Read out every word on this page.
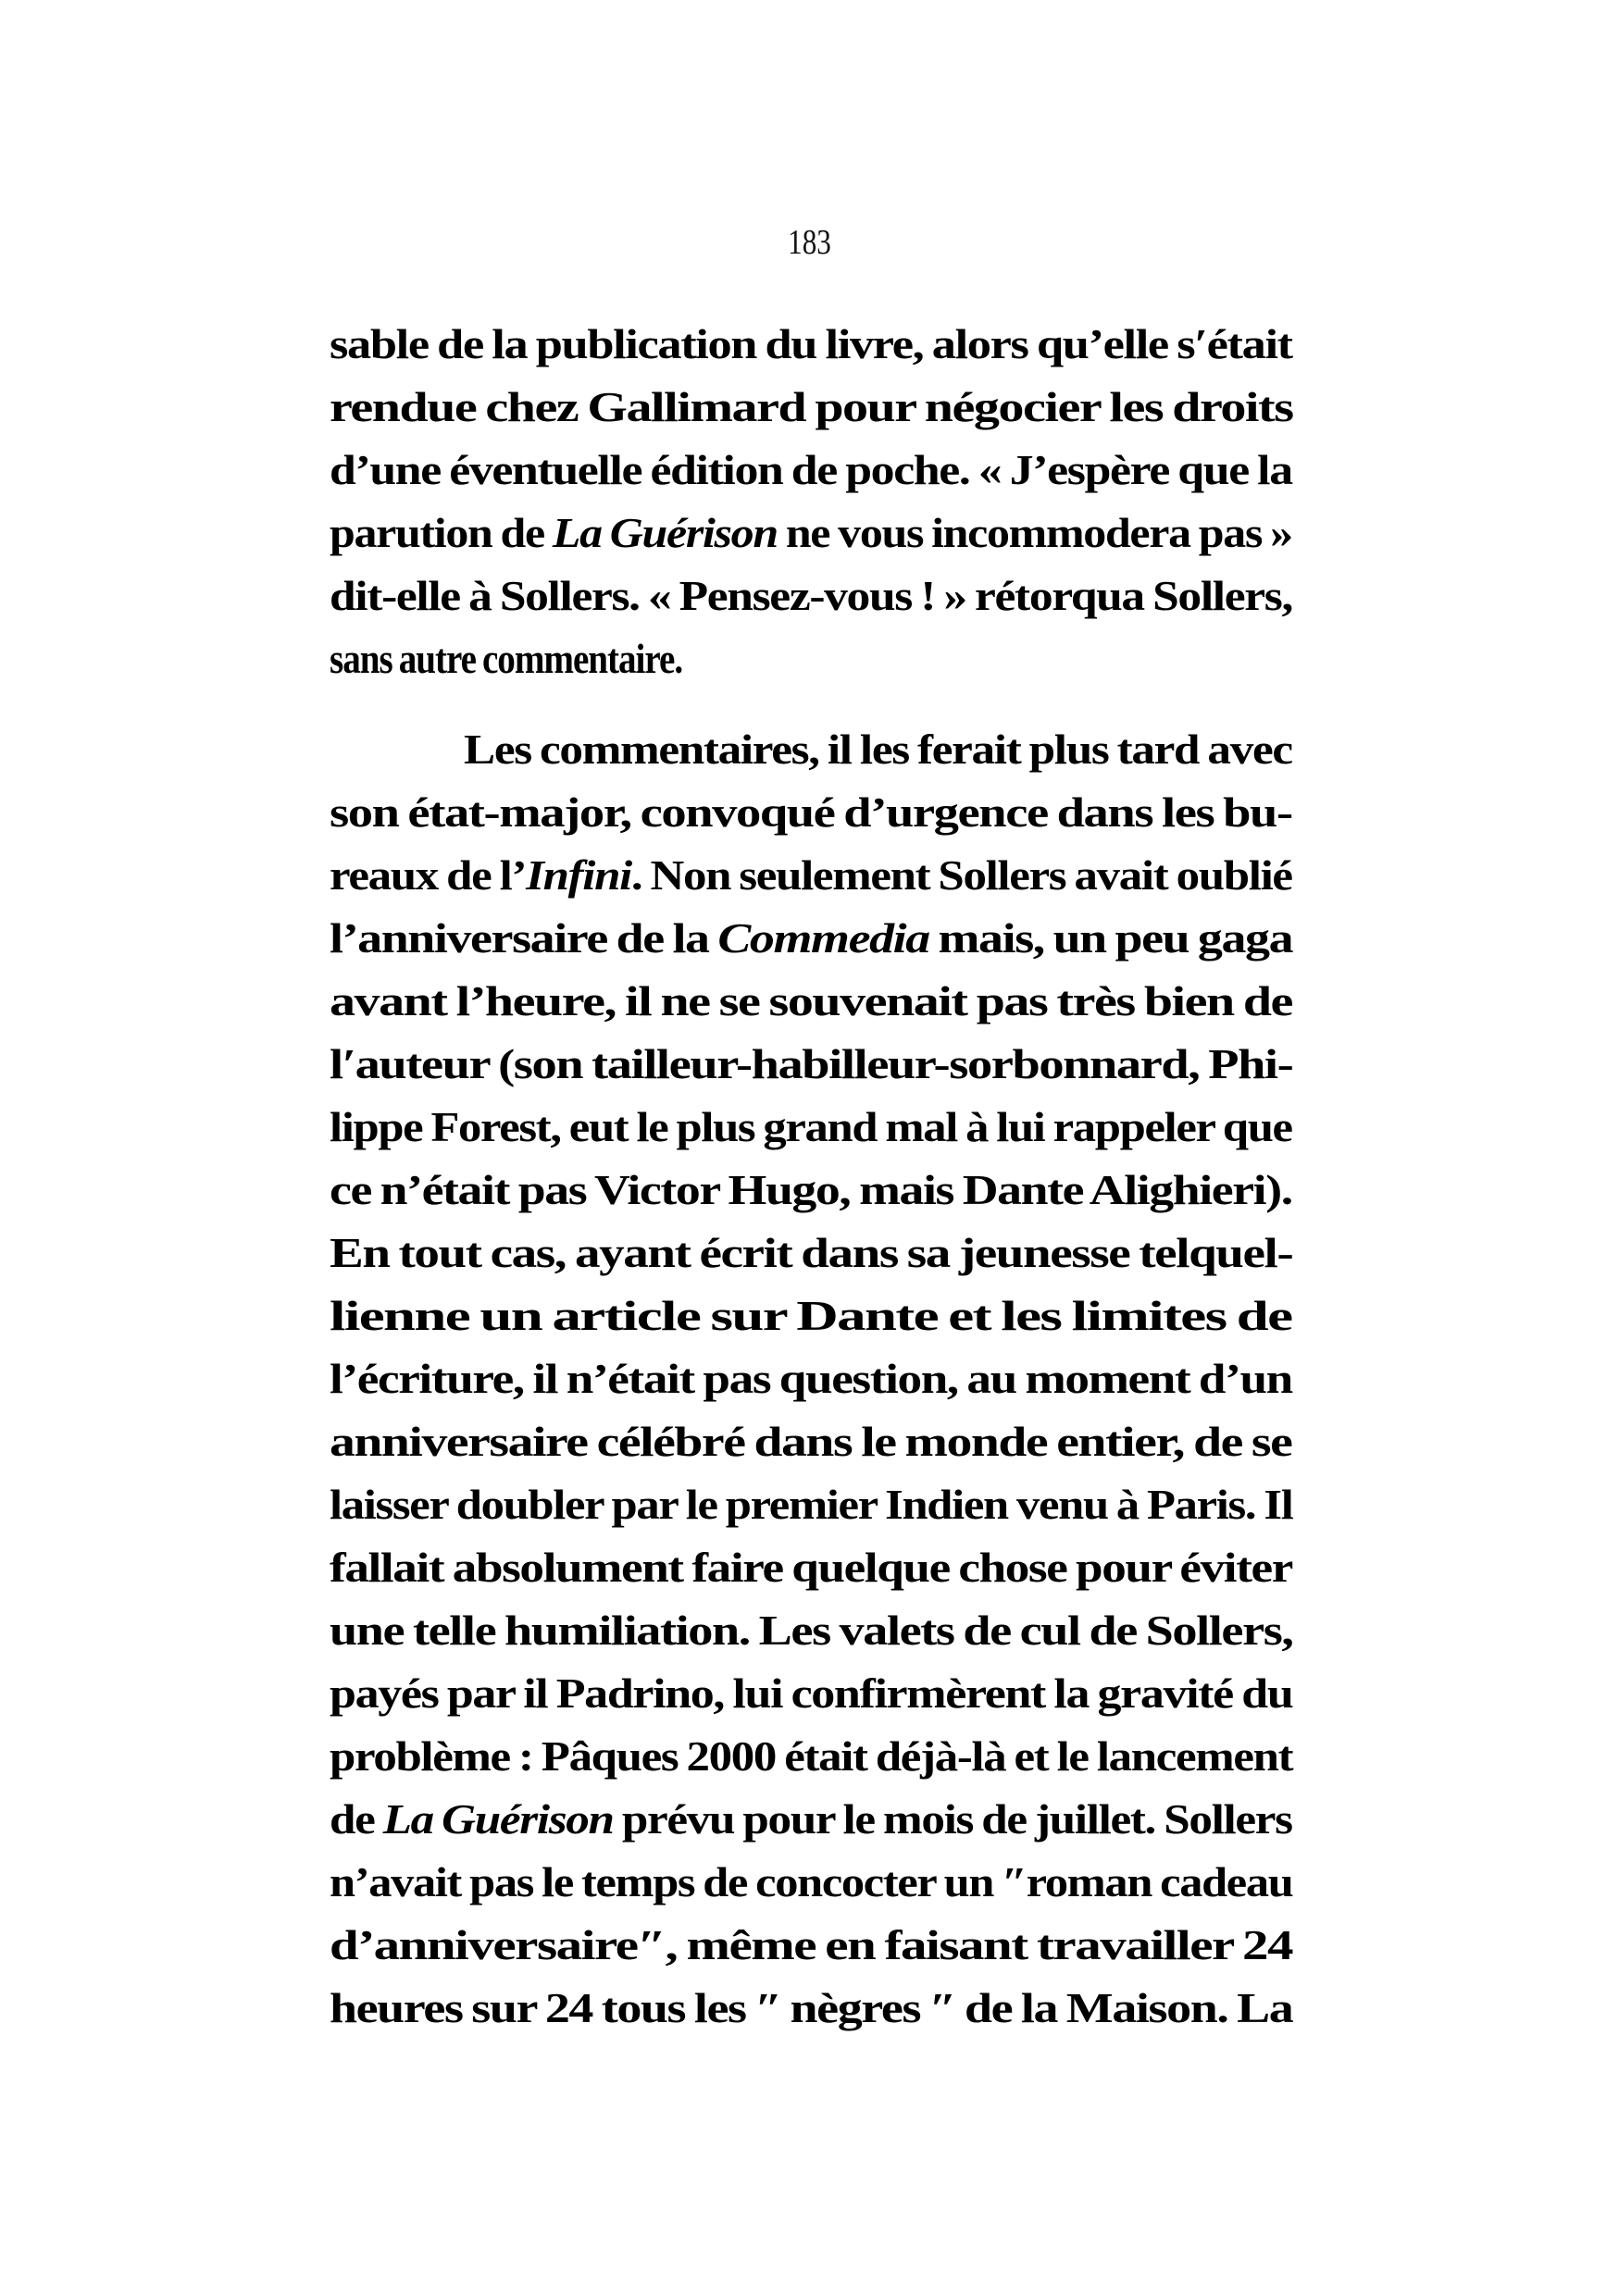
183

sable de la publication du livre, alors qu’elle s′était
rendue chez Gallimard pour négocier les droits
d’une éventuelle édition de poche. « J’espère que la
parution de La Guérison ne vous incommodera pas »
dit-elle à Sollers. « Pensez-vous ! » rétorqua Sollers,
sans autre commentaire.

Les commentaires, il les ferait plus tard avec
son état-major, convoqué d’urgence dans les bu-
reaux de l’Infini. Non seulement Sollers avait oublié
l’anniversaire de la Commedia mais, un peu gaga
avant l’heure, il ne se souvenait pas très bien de
l′auteur (son tailleur-habilleur-sorbonnard, Phi-
lippe Forest, eut le plus grand mal à lui rappeler que
ce n’était pas Victor Hugo, mais Dante Alighieri).
En tout cas, ayant écrit dans sa jeunesse telquel-
lienne un article sur Dante et les limites de
l’écriture, il n’était pas question, au moment d’un
anniversaire célébré dans le monde entier, de se
laisser doubler par le premier Indien venu à Paris. Il
fallait absolument faire quelque chose pour éviter
une telle humiliation. Les valets de cul de Sollers,
payés par il Padrino, lui confirmèrent la gravité du
problème : Pâques 2000 était déjà-là et le lancement
de La Guérison prévu pour le mois de juillet. Sollers
n’avait pas le temps de concocter un ″roman cadeau
d’anniversaire″, même en faisant travailler 24
heures sur 24 tous les ″ nègres ″ de la Maison. La
